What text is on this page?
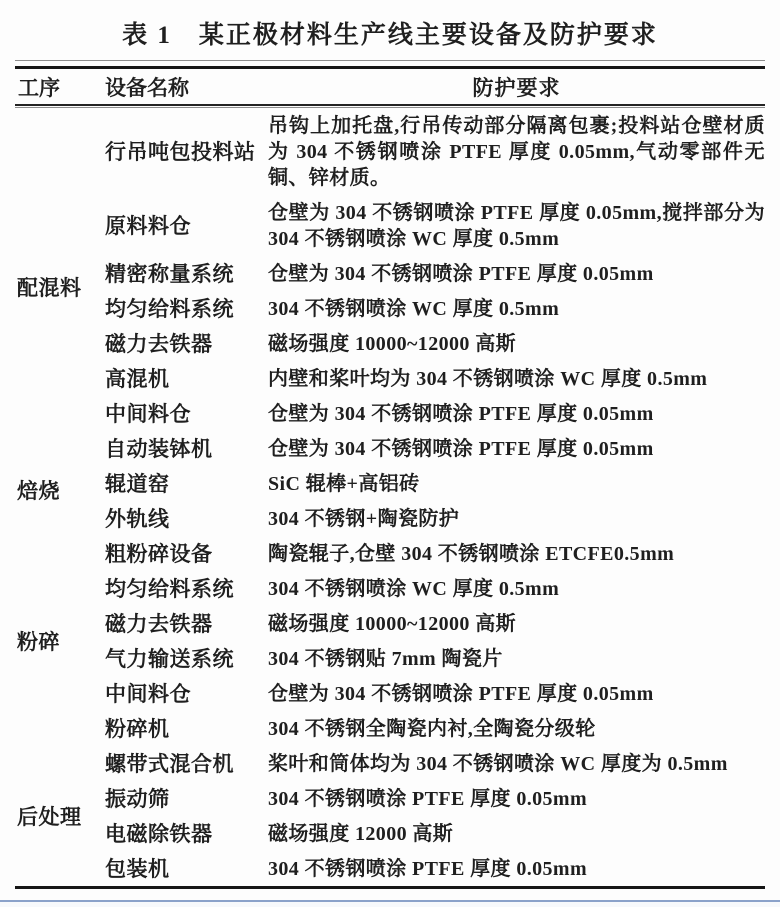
表 1　某正极材料生产线主要设备及防护要求
工序	设备名称	防护要求
配混料	行吊吨包投料站	吊钩上加托盘,行吊传动部分隔离包裹;投料站仓壁材质为 304 不锈钢喷涂 PTFE 厚度 0.05mm,气动零部件无铜、锌材质。
	原料料仓	仓壁为 304 不锈钢喷涂 PTFE 厚度 0.05mm,搅拌部分为 304 不锈钢喷涂 WC 厚度 0.5mm
	精密称量系统	仓壁为 304 不锈钢喷涂 PTFE 厚度 0.05mm
	均匀给料系统	304 不锈钢喷涂 WC 厚度 0.5mm
	磁力去铁器	磁场强度 10000~12000 高斯
	高混机	内壁和桨叶均为 304 不锈钢喷涂 WC 厚度 0.5mm
	中间料仓	仓壁为 304 不锈钢喷涂 PTFE 厚度 0.05mm
	自动装钵机	仓壁为 304 不锈钢喷涂 PTFE 厚度 0.05mm
焙烧	辊道窑	SiC 辊棒+高铝砖
	外轨线	304 不锈钢+陶瓷防护
粉碎	粗粉碎设备	陶瓷辊子,仓壁 304 不锈钢喷涂 ETCFE0.5mm
	均匀给料系统	304 不锈钢喷涂 WC 厚度 0.5mm
	磁力去铁器	磁场强度 10000~12000 高斯
	气力输送系统	304 不锈钢贴 7mm 陶瓷片
	中间料仓	仓壁为 304 不锈钢喷涂 PTFE 厚度 0.05mm
	粉碎机	304 不锈钢全陶瓷内衬,全陶瓷分级轮
后处理	螺带式混合机	桨叶和筒体均为 304 不锈钢喷涂 WC 厚度为 0.5mm
	振动筛	304 不锈钢喷涂 PTFE 厚度 0.05mm
	电磁除铁器	磁场强度 12000 高斯
	包装机	304 不锈钢喷涂 PTFE 厚度 0.05mm
